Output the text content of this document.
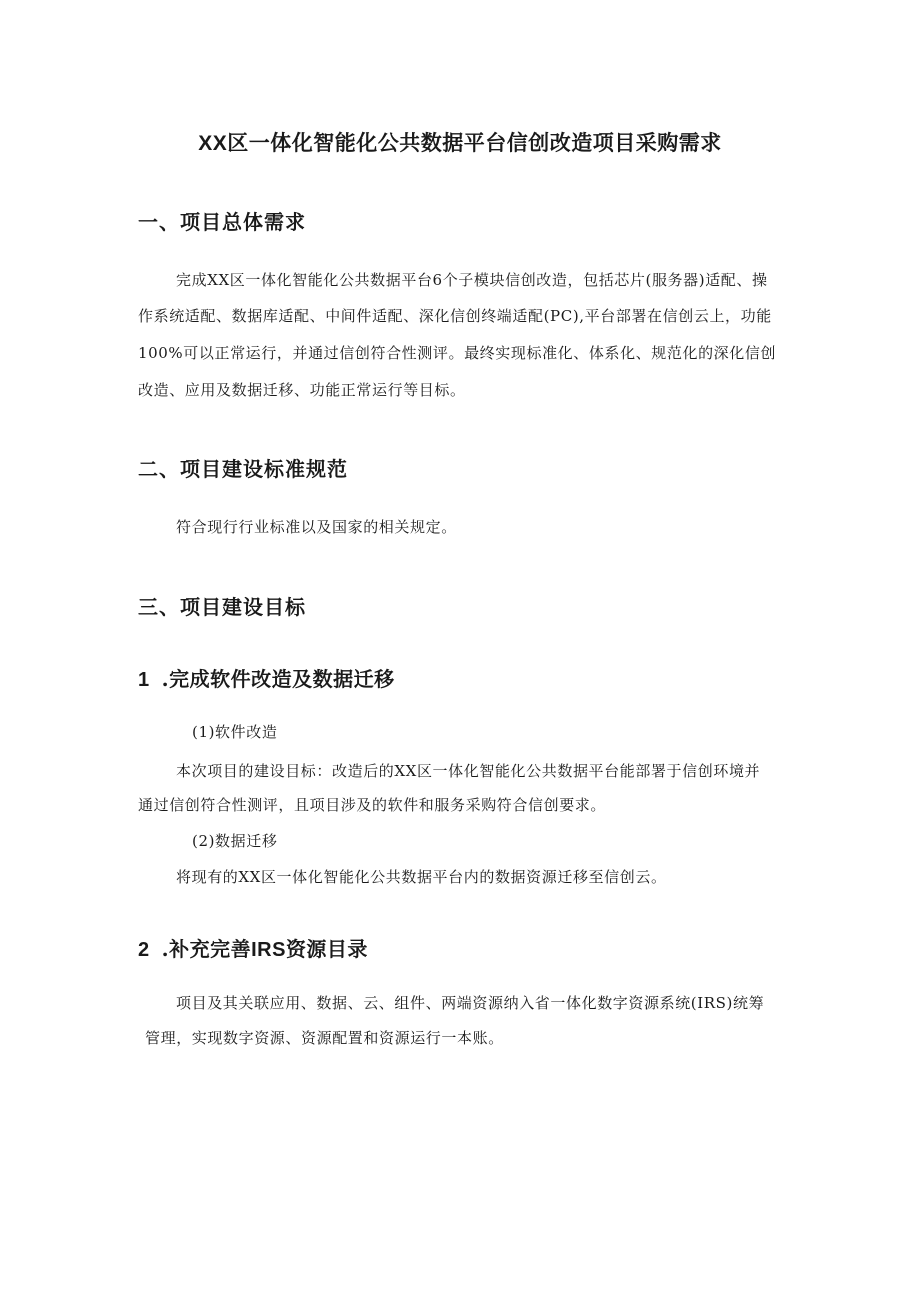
XX区一体化智能化公共数据平台信创改造项目采购需求
一、项目总体需求

完成XX区一体化智能化公共数据平台6个子模块信创改造，包括芯片(服务器)适配、操

作系统适配、数据库适配、中间件适配、深化信创终端适配(PC),平台部署在信创云上，功能

100%可以正常运行，并通过信创符合性测评。最终实现标准化、体系化、规范化的深化信创

改造、应用及数据迁移、功能正常运行等目标。

二、项目建设标准规范

符合现行行业标准以及国家的相关规定。

三、项目建设目标
1 .完成软件改造及数据迁移

(1)软件改造

本次项目的建设目标：改造后的XX区一体化智能化公共数据平台能部署于信创环境并

通过信创符合性测评，且项目涉及的软件和服务采购符合信创要求。

(2)数据迁移

将现有的XX区一体化智能化公共数据平台内的数据资源迁移至信创云。

2 .补充完善IRS资源目录

项目及其关联应用、数据、云、组件、两端资源纳入省一体化数字资源系统(IRS)统筹

管理，实现数字资源、资源配置和资源运行一本账。
